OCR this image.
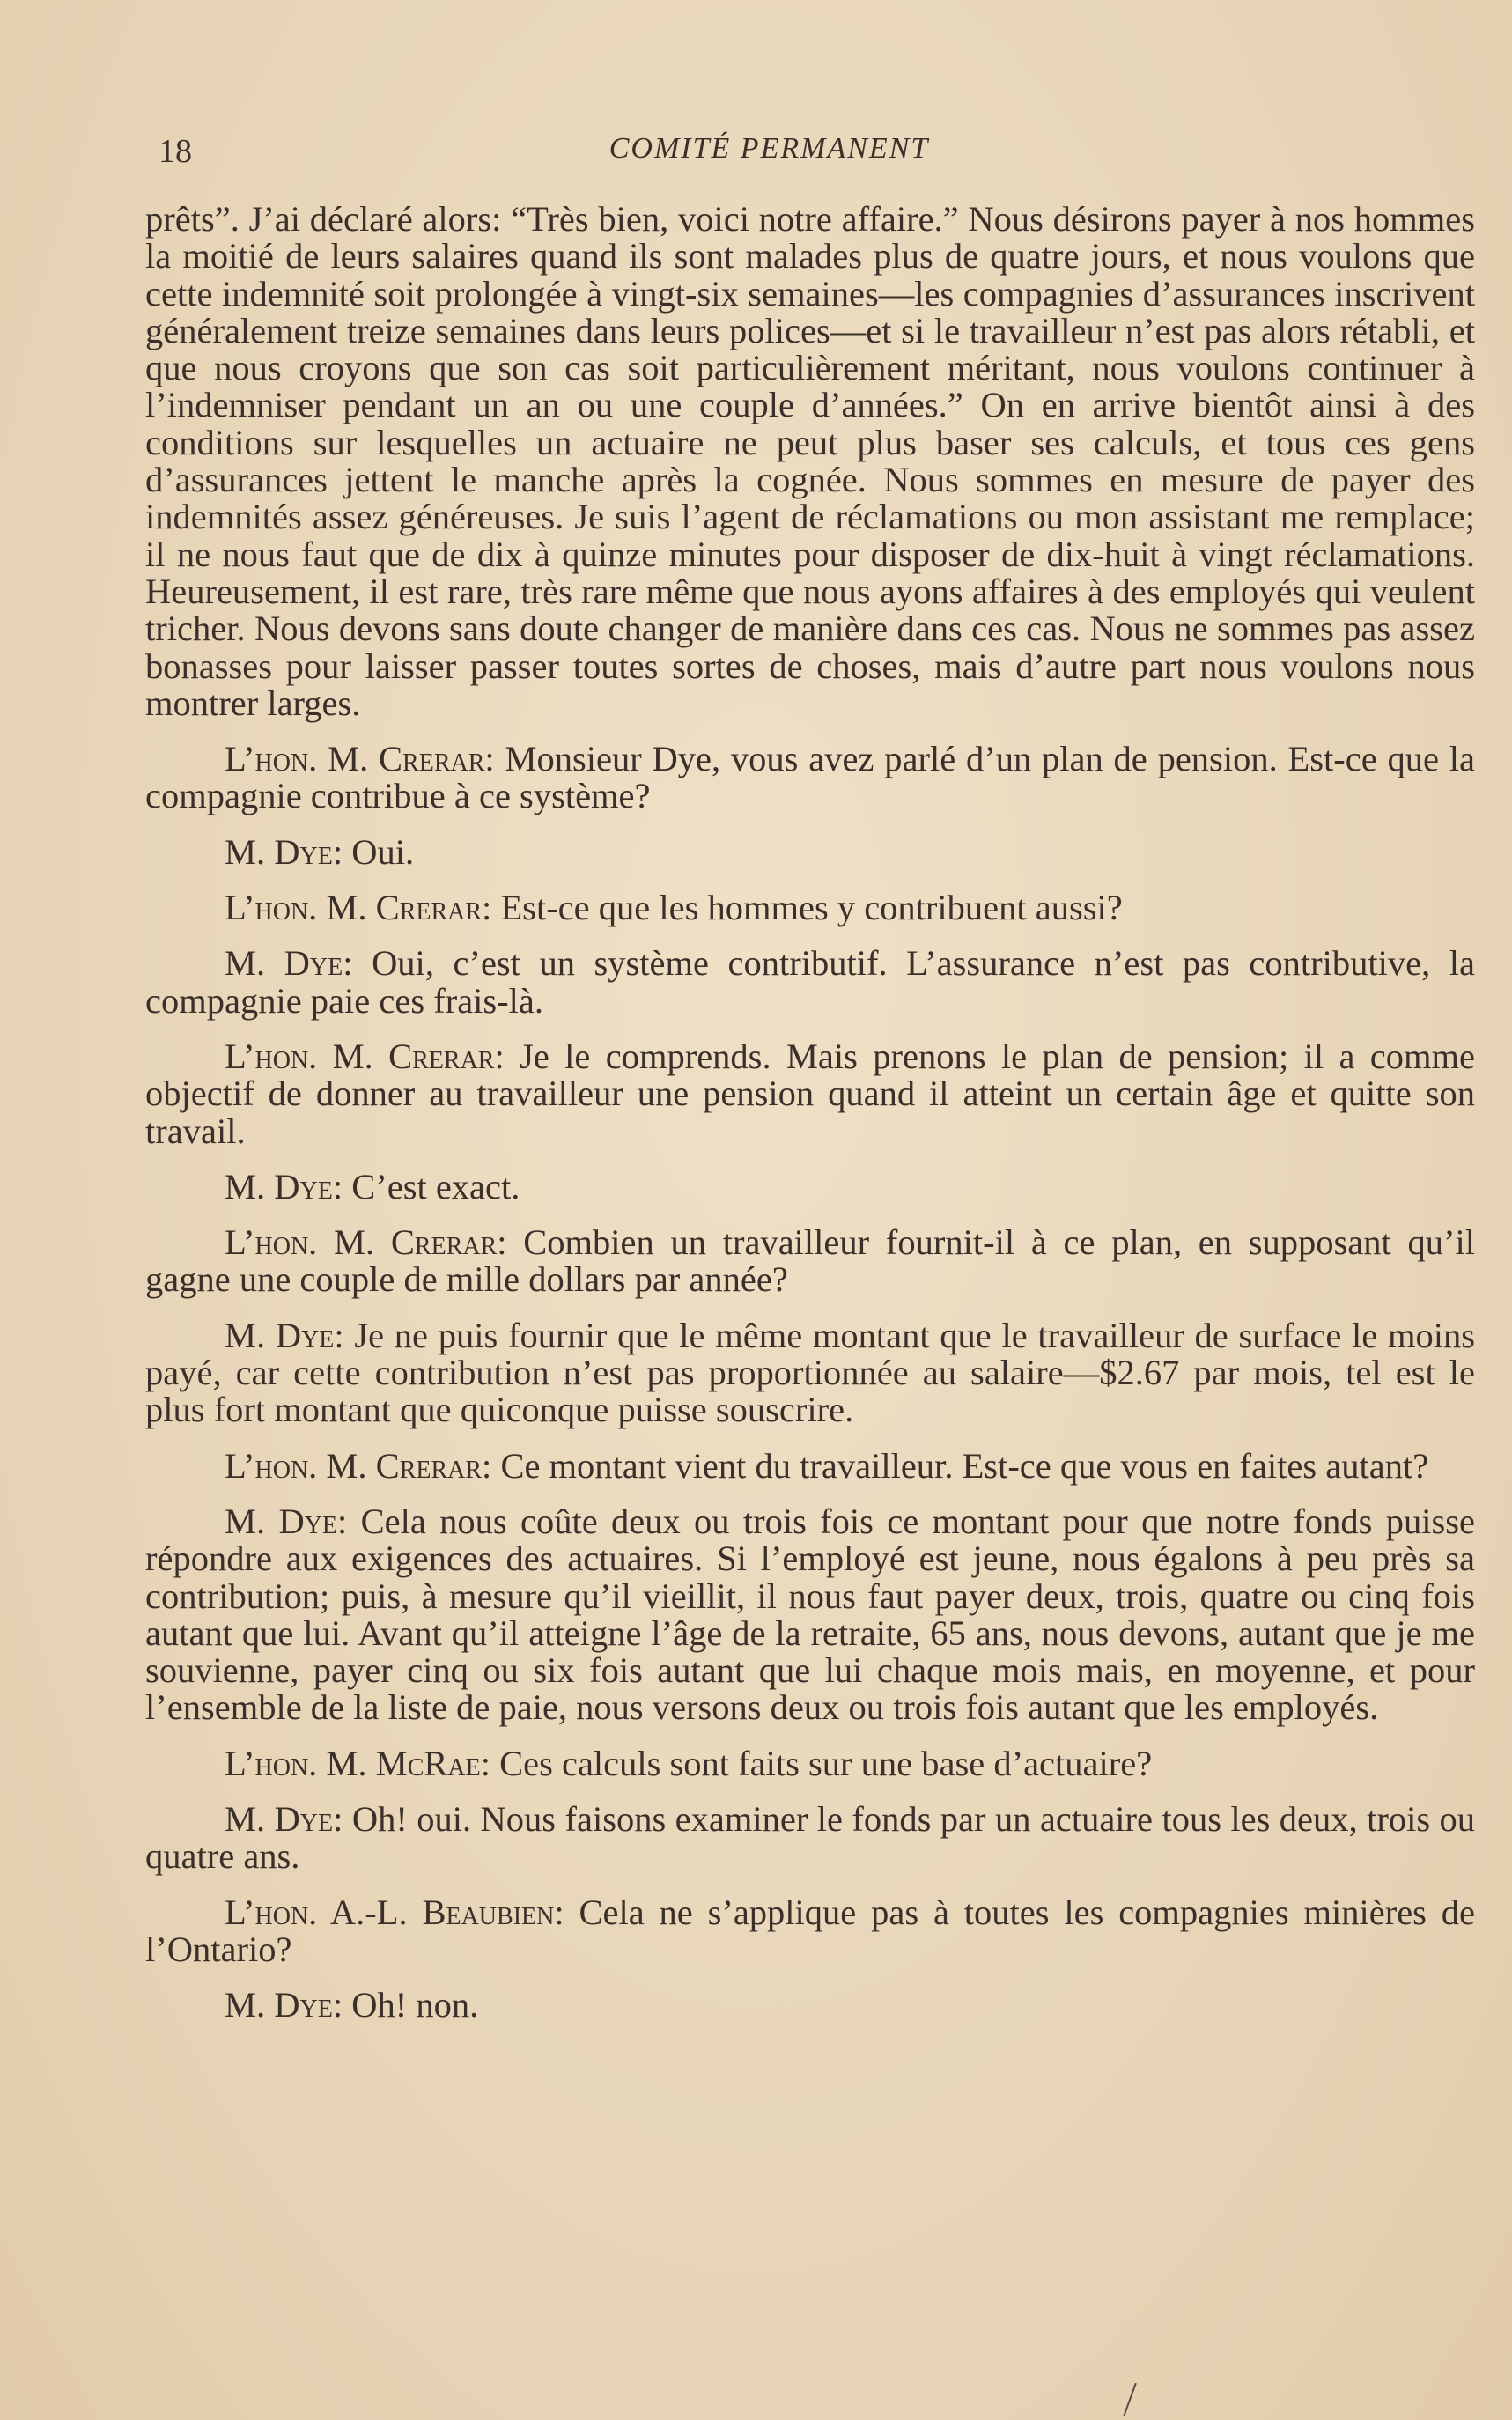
18	COMITÉ PERMANENT

prêts”. J’ai déclaré alors: “Très bien, voici notre affaire.” Nous désirons payer à nos hommes la moitié de leurs salaires quand ils sont malades plus de quatre jours, et nous voulons que cette indemnité soit prolongée à vingt-six semaines—les compagnies d’assurances inscrivent généralement treize semaines dans leurs polices—et si le travailleur n’est pas alors rétabli, et que nous croyons que son cas soit particulièrement méritant, nous voulons continuer à l’indemniser pendant un an ou une couple d’années.” On en arrive bientôt ainsi à des conditions sur lesquelles un actuaire ne peut plus baser ses calculs, et tous ces gens d’assurances jettent le manche après la cognée. Nous sommes en mesure de payer des indemnités assez généreuses. Je suis l’agent de réclamations ou mon assistant me remplace; il ne nous faut que de dix à quinze minutes pour disposer de dix-huit à vingt réclamations. Heureusement, il est rare, très rare même que nous ayons affaires à des employés qui veulent tricher. Nous devons sans doute changer de manière dans ces cas. Nous ne sommes pas assez bonasses pour laisser passer toutes sortes de choses, mais d’autre part nous voulons nous montrer larges.

L’hon. M. Crerar: Monsieur Dye, vous avez parlé d’un plan de pension. Est-ce que la compagnie contribue à ce système?

M. Dye: Oui.

L’hon. M. Crerar: Est-ce que les hommes y contribuent aussi?

M. Dye: Oui, c’est un système contributif. L’assurance n’est pas contributive, la compagnie paie ces frais-là.

L’hon. M. Crerar: Je le comprends. Mais prenons le plan de pension; il a comme objectif de donner au travailleur une pension quand il atteint un certain âge et quitte son travail.

M. Dye: C’est exact.

L’hon. M. Crerar: Combien un travailleur fournit-il à ce plan, en supposant qu’il gagne une couple de mille dollars par année?

M. Dye: Je ne puis fournir que le même montant que le travailleur de surface le moins payé, car cette contribution n’est pas proportionnée au salaire—$2.67 par mois, tel est le plus fort montant que quiconque puisse souscrire.

L’hon. M. Crerar: Ce montant vient du travailleur. Est-ce que vous en faites autant?

M. Dye: Cela nous coûte deux ou trois fois ce montant pour que notre fonds puisse répondre aux exigences des actuaires. Si l’employé est jeune, nous égalons à peu près sa contribution; puis, à mesure qu’il vieillit, il nous faut payer deux, trois, quatre ou cinq fois autant que lui. Avant qu’il atteigne l’âge de la retraite, 65 ans, nous devons, autant que je me souvienne, payer cinq ou six fois autant que lui chaque mois mais, en moyenne, et pour l’ensemble de la liste de paie, nous versons deux ou trois fois autant que les employés.

L’hon. M. McRae: Ces calculs sont faits sur une base d’actuaire?

M. Dye: Oh! oui. Nous faisons examiner le fonds par un actuaire tous les deux, trois ou quatre ans.

L’hon. A.-L. Beaubien: Cela ne s’applique pas à toutes les compagnies minières de l’Ontario?

M. Dye: Oh! non.
